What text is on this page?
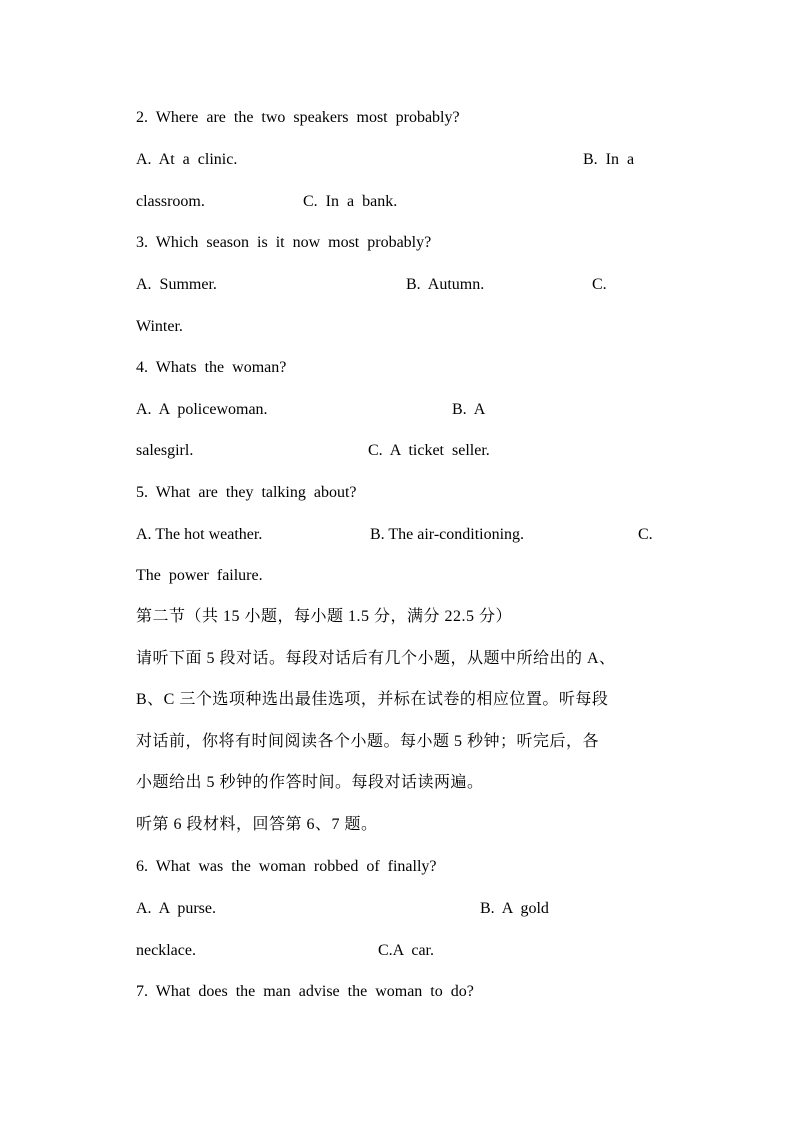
2.  Where  are  the  two  speakers  most  probably?
A.  At  a  clinic.	B.  In  a
classroom.	C.  In  a  bank.
3.  Which  season  is  it  now  most  probably?
A.  Summer.	B.  Autumn.	C.
Winter.
4.  Whats  the  woman?
A.  A  policewoman.	B.  A
salesgirl.	C.  A  ticket  seller.
5.  What  are  they  talking  about?
A. The hot weather.	B. The air-conditioning.	C.
The  power  failure.
第二节（共 15 小题，每小题 1.5 分，满分 22.5 分）
请听下面 5 段对话。每段对话后有几个小题，从题中所给出的 A、
B、C 三个选项种选出最佳选项，并标在试卷的相应位置。听每段
对话前，你将有时间阅读各个小题。每小题 5 秒钟；听完后，各
小题给出 5 秒钟的作答时间。每段对话读两遍。
听第 6 段材料，回答第 6、7 题。
6.  What  was  the  woman  robbed  of  finally?
A.  A  purse.	B.  A  gold
necklace.	C.A  car.
7.  What  does  the  man  advise  the  woman  to  do?
